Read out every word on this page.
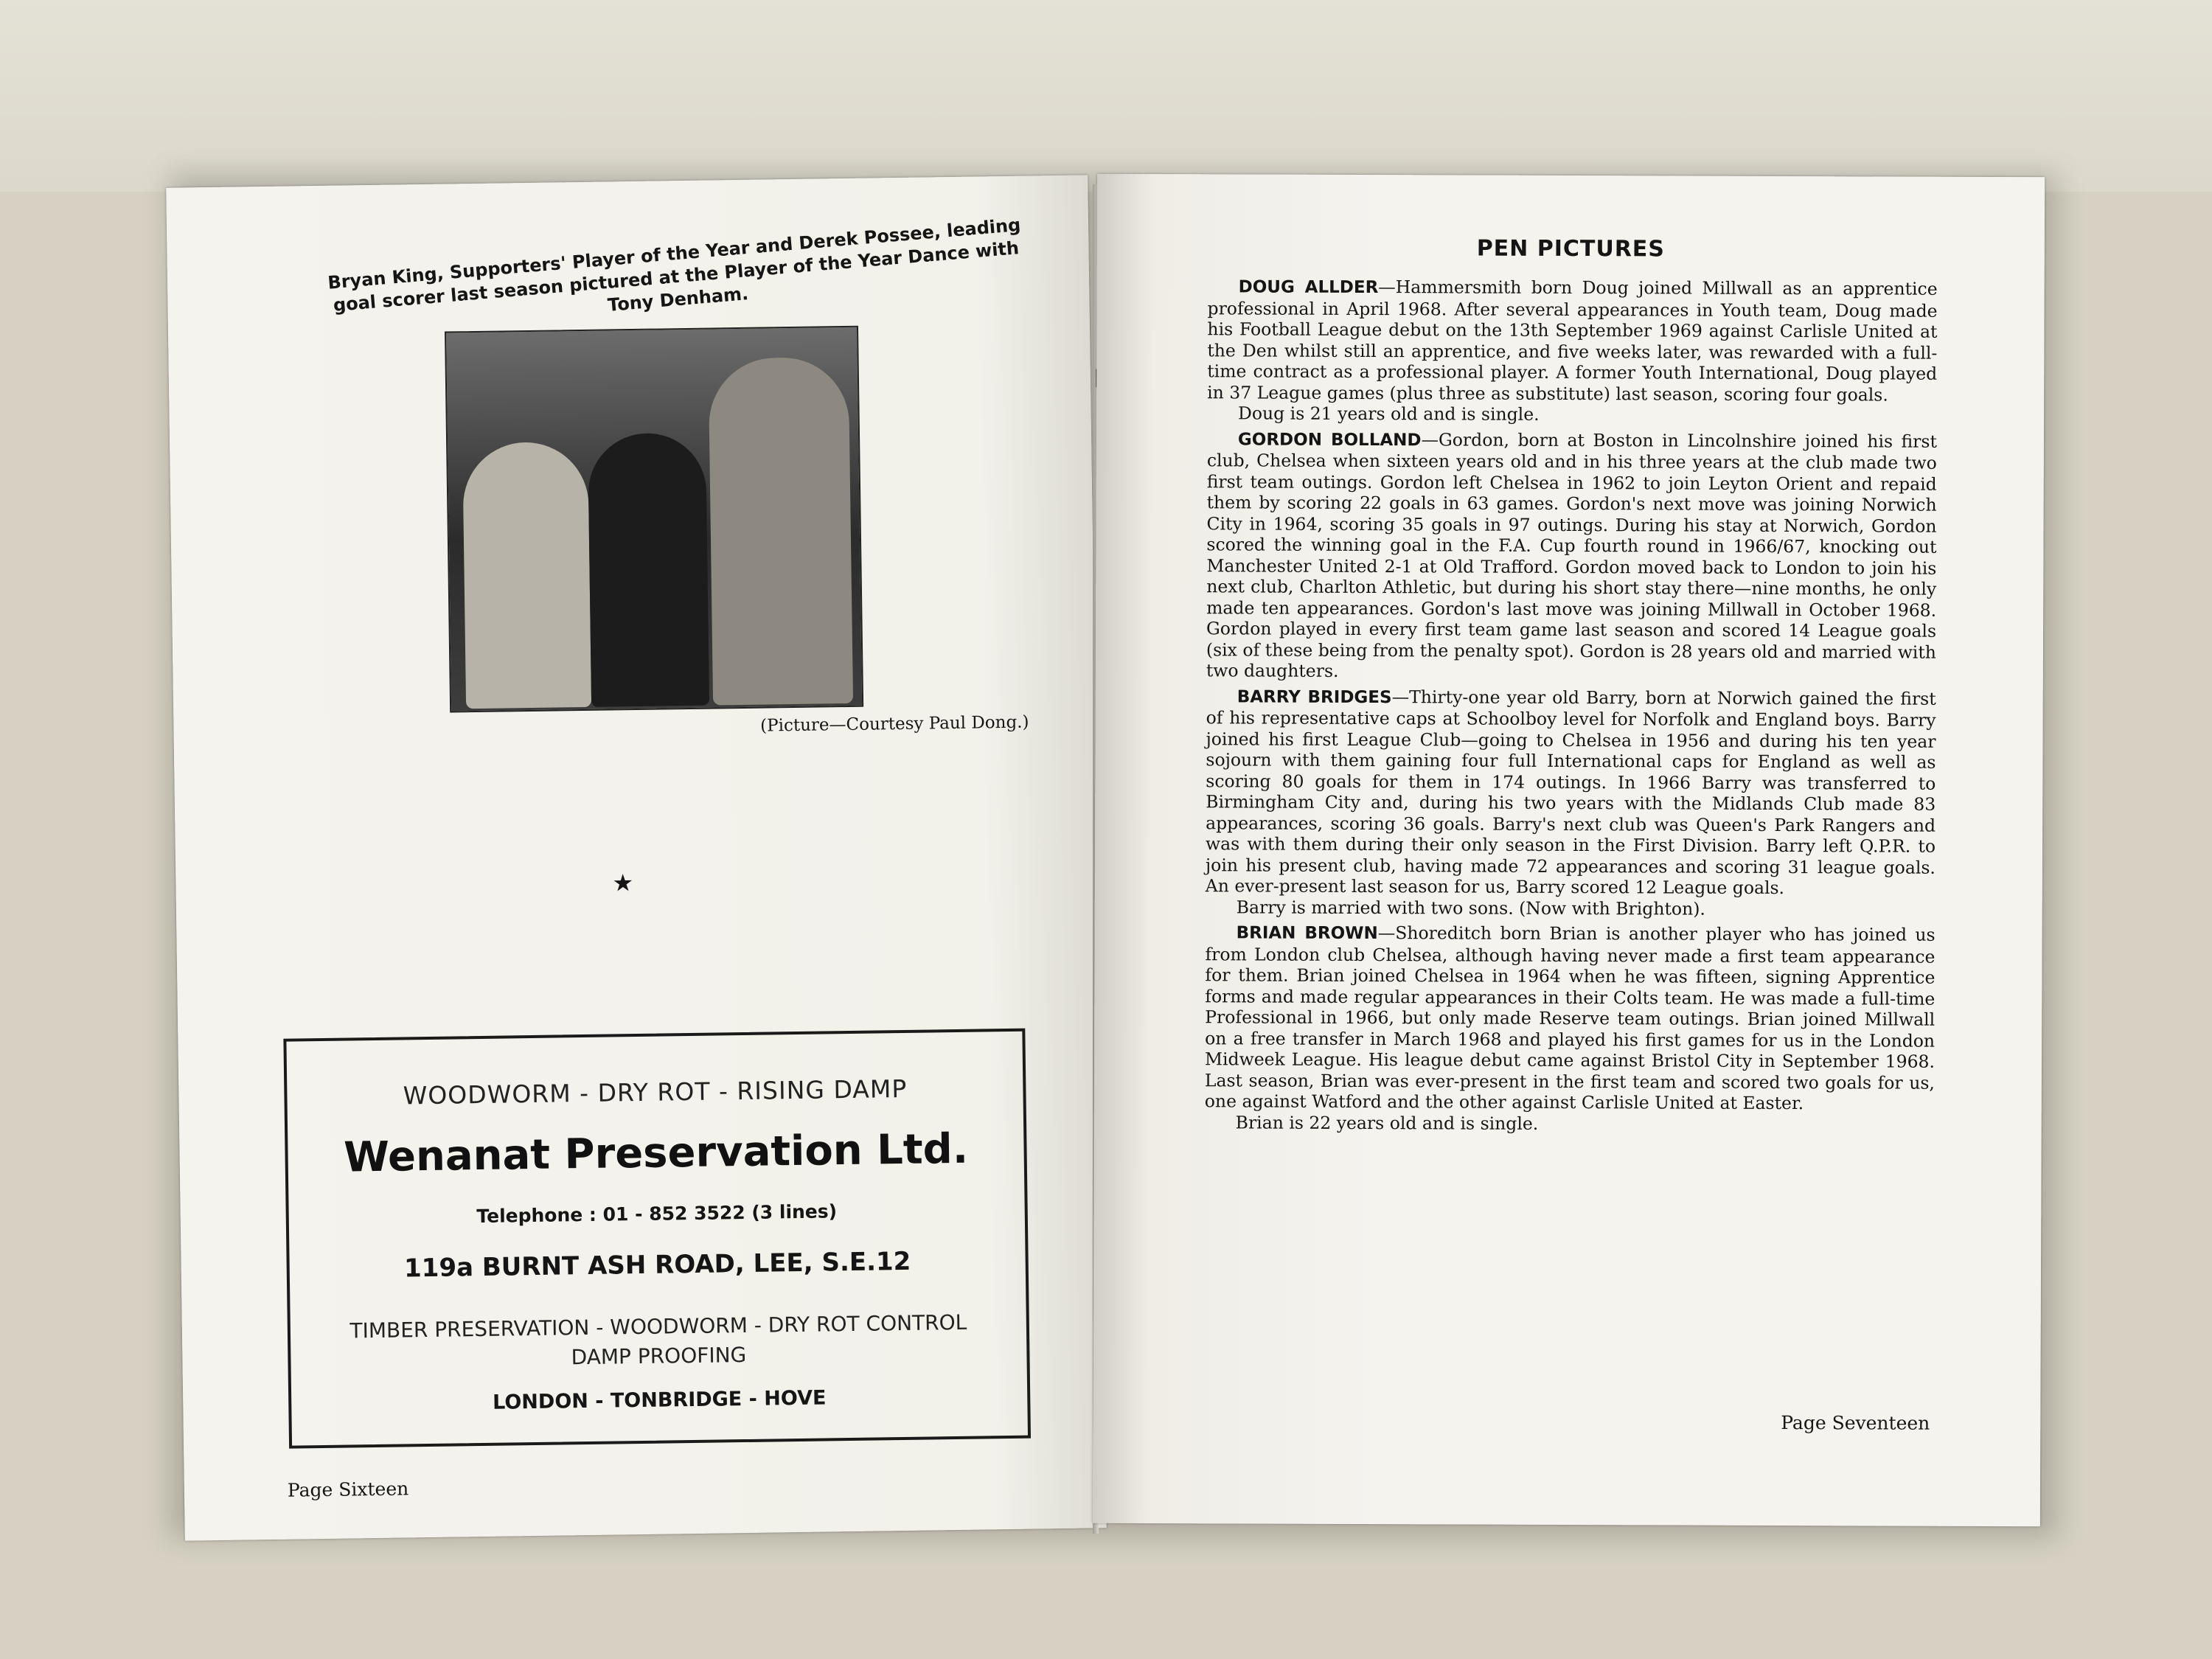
Bryan King, Supporters' Player of the Year and Derek Possee, leading goal scorer last season pictured at the Player of the Year Dance with Tony Denham.
(Picture—Courtesy Paul Dong.)
★
WOODWORM - DRY ROT - RISING DAMP
Wenanat Preservation Ltd.
Telephone : 01 - 852 3522 (3 lines)
119a BURNT ASH ROAD, LEE, S.E.12
TIMBER PRESERVATION - WOODWORM - DRY ROT CONTROL DAMP PROOFING
LONDON - TONBRIDGE - HOVE
Page Sixteen
PEN PICTURES

DOUG ALLDER—Hammersmith born Doug joined Millwall as an apprentice professional in April 1968. After several appearances in Youth team, Doug made his Football League debut on the 13th September 1969 against Carlisle United at the Den whilst still an apprentice, and five weeks later, was rewarded with a full-time contract as a professional player. A former Youth International, Doug played in 37 League games (plus three as substitute) last season, scoring four goals.

Doug is 21 years old and is single.

GORDON BOLLAND—Gordon, born at Boston in Lincolnshire joined his first club, Chelsea when sixteen years old and in his three years at the club made two first team outings. Gordon left Chelsea in 1962 to join Leyton Orient and repaid them by scoring 22 goals in 63 games. Gordon's next move was joining Norwich City in 1964, scoring 35 goals in 97 outings. During his stay at Norwich, Gordon scored the winning goal in the F.A. Cup fourth round in 1966/67, knocking out Manchester United 2-1 at Old Trafford. Gordon moved back to London to join his next club, Charlton Athletic, but during his short stay there—nine months, he only made ten appearances. Gordon's last move was joining Millwall in October 1968. Gordon played in every first team game last season and scored 14 League goals (six of these being from the penalty spot). Gordon is 28 years old and married with two daughters.

BARRY BRIDGES—Thirty-one year old Barry, born at Norwich gained the first of his representative caps at Schoolboy level for Norfolk and England boys. Barry joined his first League Club—going to Chelsea in 1956 and during his ten year sojourn with them gaining four full International caps for England as well as scoring 80 goals for them in 174 outings. In 1966 Barry was transferred to Birmingham City and, during his two years with the Midlands Club made 83 appearances, scoring 36 goals. Barry's next club was Queen's Park Rangers and was with them during their only season in the First Division. Barry left Q.P.R. to join his present club, having made 72 appearances and scoring 31 league goals. An ever-present last season for us, Barry scored 12 League goals.

Barry is married with two sons. (Now with Brighton).

BRIAN BROWN—Shoreditch born Brian is another player who has joined us from London club Chelsea, although having never made a first team appearance for them. Brian joined Chelsea in 1964 when he was fifteen, signing Apprentice forms and made regular appearances in their Colts team. He was made a full-time Professional in 1966, but only made Reserve team outings. Brian joined Millwall on a free transfer in March 1968 and played his first games for us in the London Midweek League. His league debut came against Bristol City in September 1968. Last season, Brian was ever-present in the first team and scored two goals for us, one against Watford and the other against Carlisle United at Easter.

Brian is 22 years old and is single.

Page Seventeen
